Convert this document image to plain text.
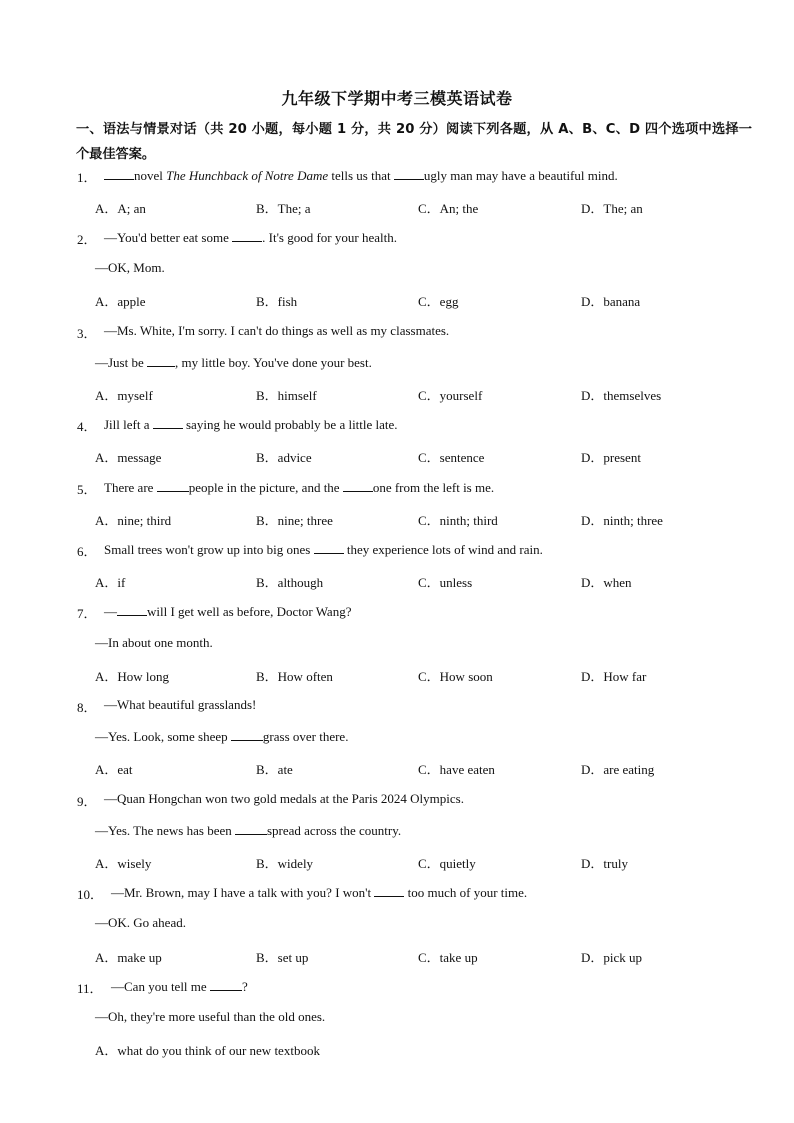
九年级下学期中考三模英语试卷
一、语法与情景对话（共 20 小题，每小题 1 分，共 20 分）阅读下列各题，从 A、B、C、D 四个选项中选择一个最佳答案。
1．	novel The Hunchback of Notre Dame tells us that ugly man may have a beautiful mind.
A．A; an	B．The; a	C．An; the	D．The; an
2． —You'd better eat some . It's good for your health.
—OK, Mom.
A．apple	B．fish	C．egg	D．banana
3． —Ms. White, I'm sorry. I can't do things as well as my classmates.
—Just be , my little boy. You've done your best.
A．myself	B．himself	C．yourself	D．themselves
4． Jill left a  saying he would probably be a little late.
A．message	B．advice	C．sentence	D．present
5． There are people in the picture, and the one from the left is me.
A．nine; third	B．nine; three	C．ninth; third	D．ninth; three
6． Small trees won't grow up into big ones  they experience lots of wind and rain.
A．if	B．although	C．unless	D．when
7． — will I get well as before, Doctor Wang?
—In about one month.
A．How long	B．How often	C．How soon	D．How far
8． —What beautiful grasslands!
—Yes. Look, some sheep grass over there.
A．eat	B．ate	C．have eaten	D．are eating
9． —Quan Hongchan won two gold medals at the Paris 2024 Olympics.
—Yes. The news has been spread across the country.
A．wisely	B．widely	C．quietly	D．truly
10． —Mr. Brown, may I have a talk with you? I won't  too much of your time.
—OK. Go ahead.
A．make up	B．set up	C．take up	D．pick up
11． —Can you tell me ?
—Oh, they're more useful than the old ones.
A．what do you think of our new textbook
